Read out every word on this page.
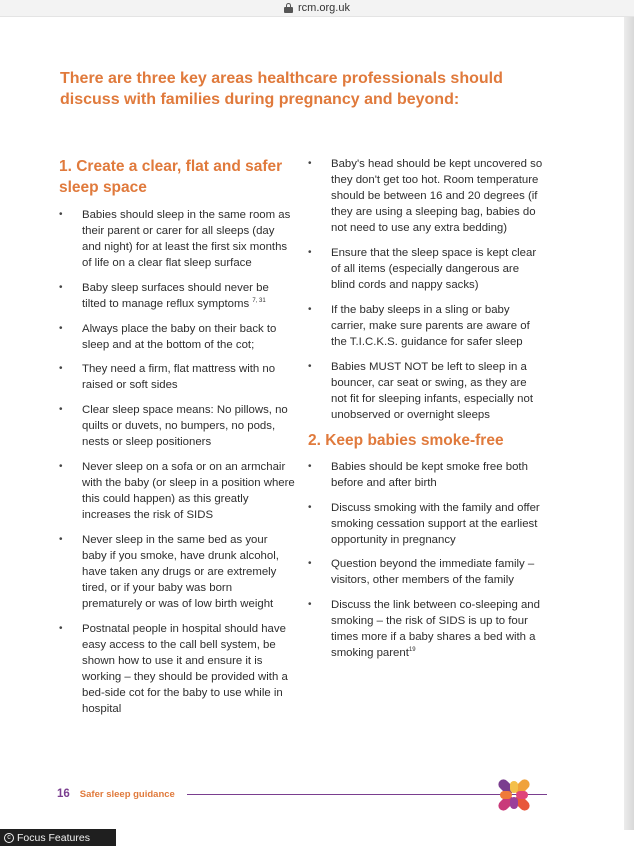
rcm.org.uk
There are three key areas healthcare professionals should discuss with families during pregnancy and beyond:
1. Create a clear, flat and safer sleep space
• Babies should sleep in the same room as their parent or carer for all sleeps (day and night) for at least the first six months of life on a clear flat sleep surface
• Baby sleep surfaces should never be tilted to manage reflux symptoms $^{7, 31}$
• Always place the baby on their back to sleep and at the bottom of the cot;
• They need a firm, flat mattress with no raised or soft sides
• Clear sleep space means: No pillows, no quilts or duvets, no bumpers, no pods, nests or sleep positioners
• Never sleep on a sofa or on an armchair with the baby (or sleep in a position where this could happen) as this greatly increases the risk of SIDS
• Never sleep in the same bed as your baby if you smoke, have drunk alcohol, have taken any drugs or are extremely tired, or if your baby was born prematurely or was of low birth weight
• Postnatal people in hospital should have easy access to the call bell system, be shown how to use it and ensure it is working – they should be provided with a bed-side cot for the baby to use while in hospital
• Baby's head should be kept uncovered so they don't get too hot. Room temperature should be between 16 and 20 degrees (if they are using a sleeping bag, babies do not need to use any extra bedding)
• Ensure that the sleep space is kept clear of all items (especially dangerous are blind cords and nappy sacks)
• If the baby sleeps in a sling or baby carrier, make sure parents are aware of the T.I.C.K.S. guidance for safer sleep
• Babies MUST NOT be left to sleep in a bouncer, car seat or swing, as they are not fit for sleeping infants, especially not unobserved or overnight sleeps
2. Keep babies smoke-free
• Babies should be kept smoke free both before and after birth
• Discuss smoking with the family and offer smoking cessation support at the earliest opportunity in pregnancy
• Question beyond the immediate family – visitors, other members of the family
• Discuss the link between co-sleeping and smoking – the risk of SIDS is up to four times more if a baby shares a bed with a smoking parent$^{19}$
16 Safer sleep guidance
c Focus Features
